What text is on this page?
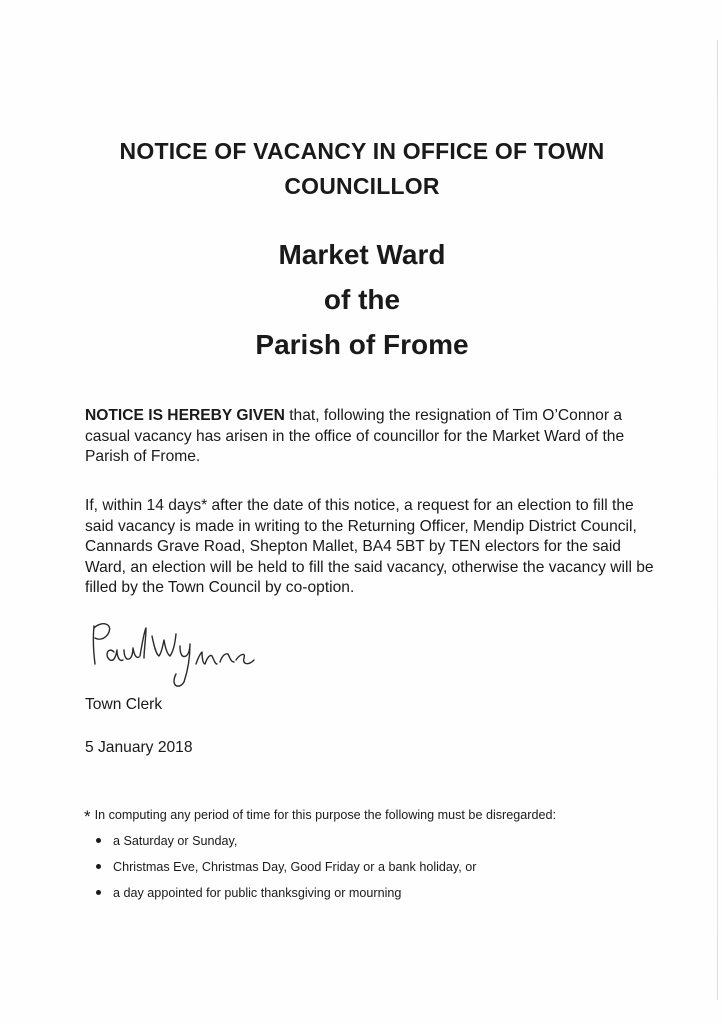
NOTICE OF VACANCY IN OFFICE OF TOWN
COUNCILLOR
Market Ward
of the
Parish of Frome

NOTICE IS HEREBY GIVEN that, following the resignation of Tim O’Connor a casual vacancy has arisen in the office of councillor for the Market Ward of the Parish of Frome.

If, within 14 days* after the date of this notice, a request for an election to fill the said vacancy is made in writing to the Returning Officer, Mendip District Council, Cannards Grave Road, Shepton Mallet, BA4 5BT by TEN electors for the said Ward, an election will be held to fill the said vacancy, otherwise the vacancy will be filled by the Town Council by co-option.

Town Clerk

5 January 2018

* In computing any period of time for this purpose the following must be disregarded:

a Saturday or Sunday,
Christmas Eve, Christmas Day, Good Friday or a bank holiday, or
a day appointed for public thanksgiving or mourning
